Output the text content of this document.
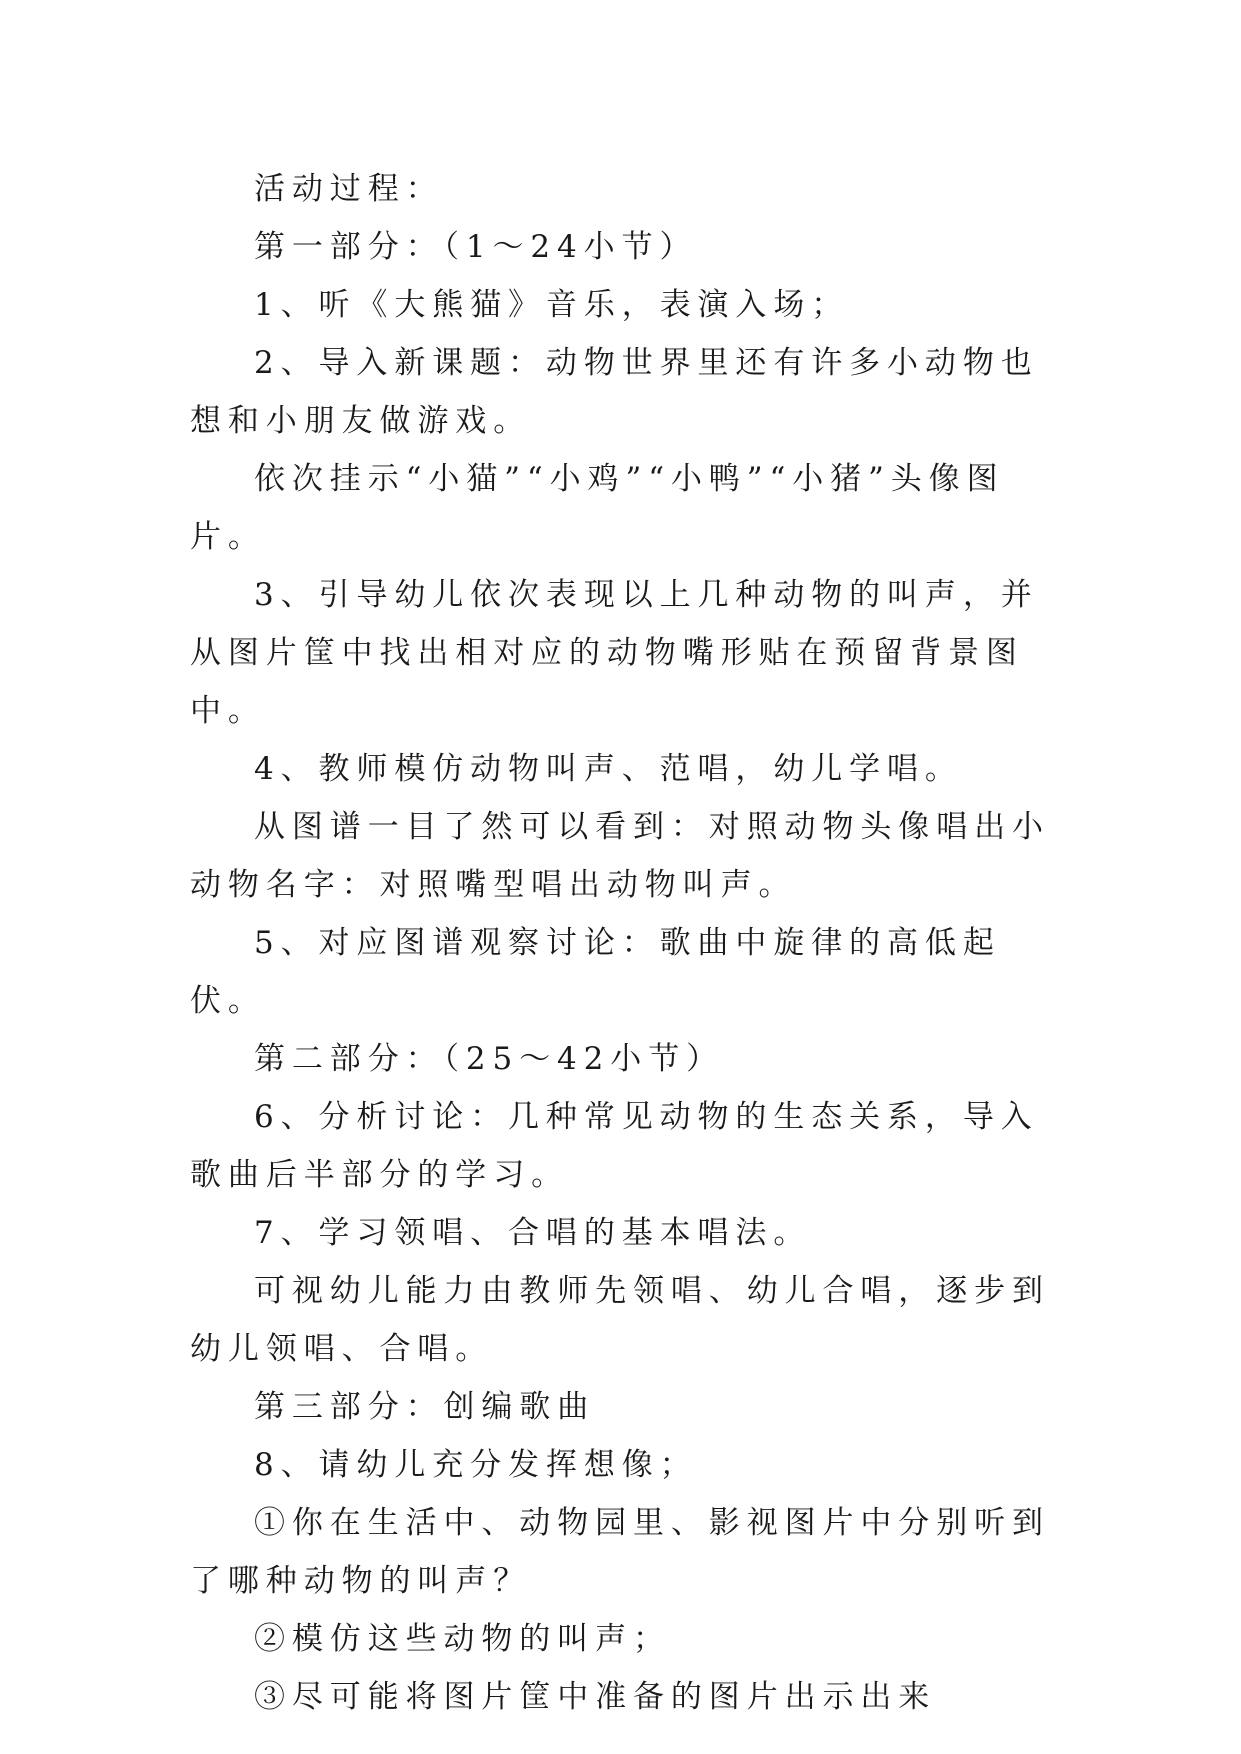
活动过程：

第一部分：（1～24小节）

1、听《大熊猫》音乐，表演入场；

2、导入新课题：动物世界里还有许多小动物也想和小朋友做游戏。

依次挂示“小猫”“小鸡”“小鸭”“小猪”头像图片。

3、引导幼儿依次表现以上几种动物的叫声，并从图片筐中找出相对应的动物嘴形贴在预留背景图中。

4、教师模仿动物叫声、范唱，幼儿学唱。

从图谱一目了然可以看到：对照动物头像唱出小动物名字：对照嘴型唱出动物叫声。

5、对应图谱观察讨论：歌曲中旋律的高低起伏。

第二部分：（25～42小节）

6、分析讨论：几种常见动物的生态关系，导入歌曲后半部分的学习。

7、学习领唱、合唱的基本唱法。

可视幼儿能力由教师先领唱、幼儿合唱，逐步到幼儿领唱、合唱。

第三部分：创编歌曲

8、请幼儿充分发挥想像；

①你在生活中、动物园里、影视图片中分别听到了哪种动物的叫声？

②模仿这些动物的叫声；

③尽可能将图片筐中准备的图片出示出来
